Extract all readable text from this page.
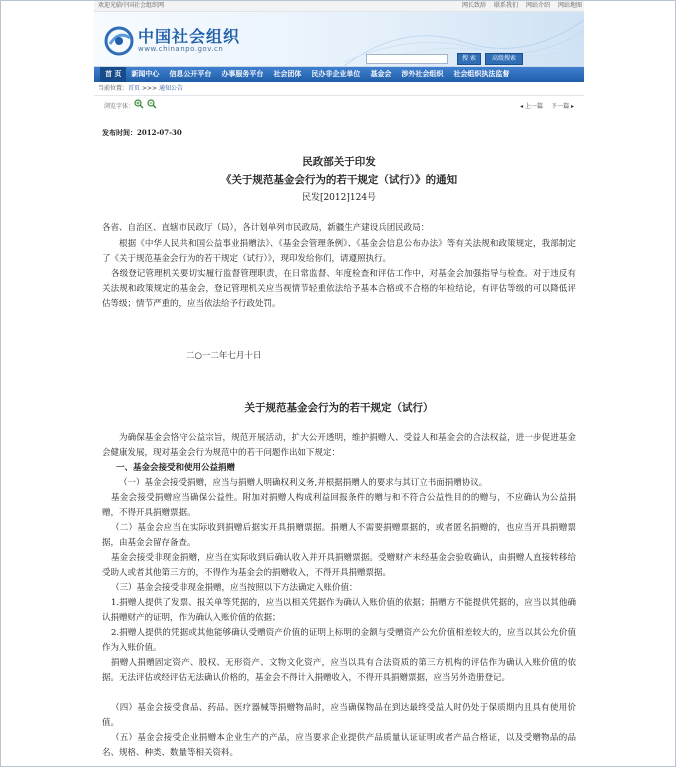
欢迎光临中国社会组织网	网长致辞 联系我们 网站介绍 网站地图
中国社会组织
www.chinanpo.gov.cn
搜 索	高级搜索
首 页	新闻中心	信息公开平台	办事服务平台	社会团体	民办非企业单位	基金会	涉外社会组织	社会组织执法监督
当前位置：首页 >>> 通知公告
浏览字体：	◂ 上一篇 下一篇 ▸
发布时间：2012-07-30
民政部关于印发
《关于规范基金会行为的若干规定（试行）》的通知
民发[2012]124号
各省、自治区、直辖市民政厅（局），各计划单列市民政局，新疆生产建设兵团民政局：
根据《中华人民共和国公益事业捐赠法》、《基金会管理条例》、《基金会信息公布办法》等有关法规和政策规定，我部制定了《关于规范基金会行为的若干规定（试行）》，现印发给你们，请遵照执行。
各级登记管理机关要切实履行监督管理职责，在日常监督、年度检查和评估工作中，对基金会加强指导与检查。对于违反有关法规和政策规定的基金会，登记管理机关应当视情节轻重依法给予基本合格或不合格的年检结论，有评估等级的可以降低评估等级；情节严重的，应当依法给予行政处罚。
二○一二年七月十日
关于规范基金会行为的若干规定（试行）
为确保基金会恪守公益宗旨，规范开展活动，扩大公开透明，维护捐赠人、受益人和基金会的合法权益，进一步促进基金会健康发展，现对基金会行为规范中的若干问题作出如下规定：
一、基金会接受和使用公益捐赠
（一）基金会接受捐赠，应当与捐赠人明确权利义务,并根据捐赠人的要求与其订立书面捐赠协议。
基金会接受捐赠应当确保公益性。附加对捐赠人构成利益回报条件的赠与和不符合公益性目的的赠与，不应确认为公益捐赠，不得开具捐赠票据。
（二）基金会应当在实际收到捐赠后据实开具捐赠票据。捐赠人不需要捐赠票据的，或者匿名捐赠的，也应当开具捐赠票据，由基金会留存备查。
基金会接受非现金捐赠，应当在实际收到后确认收入并开具捐赠票据。受赠财产未经基金会验收确认，由捐赠人直接转移给受助人或者其他第三方的，不得作为基金会的捐赠收入，不得开具捐赠票据。
（三）基金会接受非现金捐赠，应当按照以下方法确定入账价值：
1.捐赠人提供了发票、报关单等凭据的，应当以相关凭据作为确认入账价值的依据；捐赠方不能提供凭据的，应当以其他确认捐赠财产的证明，作为确认入账价值的依据；
2.捐赠人提供的凭据或其他能够确认受赠资产价值的证明上标明的金额与受赠资产公允价值相差较大的，应当以其公允价值作为入账价值。
捐赠人捐赠固定资产、股权、无形资产、文物文化资产，应当以具有合法资质的第三方机构的评估作为确认入账价值的依据。无法评估或经评估无法确认价格的，基金会不得计入捐赠收入，不得开具捐赠票据，应当另外造册登记。
（四）基金会接受食品、药品、医疗器械等捐赠物品时，应当确保物品在到达最终受益人时仍处于保质期内且具有使用价值。
（五）基金会接受企业捐赠本企业生产的产品，应当要求企业提供产品质量认证证明或者产品合格证，以及受赠物品的品名、规格、种类、数量等相关资料。
